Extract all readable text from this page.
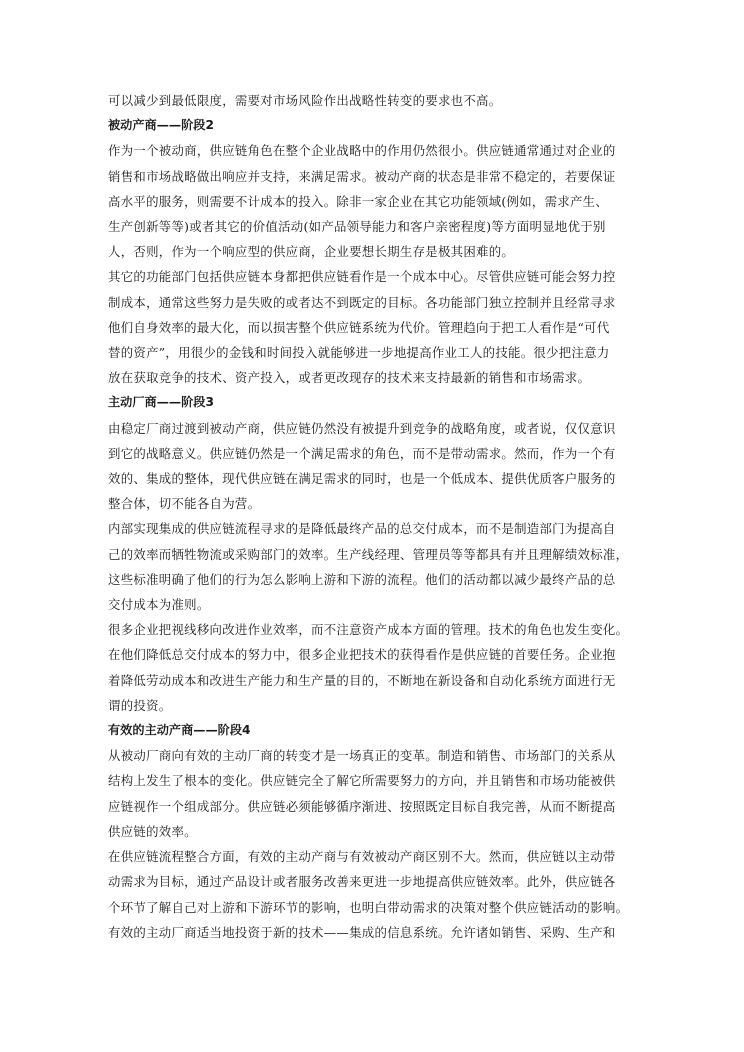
可以减少到最低限度，需要对市场风险作出战略性转变的要求也不高。
被动产商——阶段2
作为一个被动商，供应链角色在整个企业战略中的作用仍然很小。供应链通常通过对企业的
销售和市场战略做出响应并支持，来满足需求。被动产商的状态是非常不稳定的，若要保证
高水平的服务，则需要不计成本的投入。除非一家企业在其它功能领域(例如，需求产生、
生产创新等等)或者其它的价值活动(如产品领导能力和客户亲密程度)等方面明显地优于别
人，否则，作为一个响应型的供应商，企业要想长期生存是极其困难的。
其它的功能部门包括供应链本身都把供应链看作是一个成本中心。尽管供应链可能会努力控
制成本，通常这些努力是失败的或者达不到既定的目标。各功能部门独立控制并且经常寻求
他们自身效率的最大化，而以损害整个供应链系统为代价。管理趋向于把工人看作是“可代
替的资产”，用很少的金钱和时间投入就能够进一步地提高作业工人的技能。很少把注意力
放在获取竞争的技术、资产投入，或者更改现存的技术来支持最新的销售和市场需求。
主动厂商——阶段3
由稳定厂商过渡到被动产商，供应链仍然没有被提升到竞争的战略角度，或者说，仅仅意识
到它的战略意义。供应链仍然是一个满足需求的角色，而不是带动需求。然而，作为一个有
效的、集成的整体，现代供应链在满足需求的同时，也是一个低成本、提供优质客户服务的
整合体，切不能各自为营。
内部实现集成的供应链流程寻求的是降低最终产品的总交付成本，而不是制造部门为提高自
己的效率而牺牲物流或采购部门的效率。生产线经理、管理员等等都具有并且理解绩效标准，
这些标准明确了他们的行为怎么影响上游和下游的流程。他们的活动都以减少最终产品的总
交付成本为准则。
很多企业把视线移向改进作业效率，而不注意资产成本方面的管理。技术的角色也发生变化。
在他们降低总交付成本的努力中，很多企业把技术的获得看作是供应链的首要任务。企业抱
着降低劳动成本和改进生产能力和生产量的目的，不断地在新设备和自动化系统方面进行无
谓的投资。
有效的主动产商——阶段4
从被动厂商向有效的主动厂商的转变才是一场真正的变革。制造和销售、市场部门的关系从
结构上发生了根本的变化。供应链完全了解它所需要努力的方向，并且销售和市场功能被供
应链视作一个组成部分。供应链必须能够循序渐进、按照既定目标自我完善，从而不断提高
供应链的效率。
在供应链流程整合方面，有效的主动产商与有效被动产商区别不大。然而，供应链以主动带
动需求为目标，通过产品设计或者服务改善来更进一步地提高供应链效率。此外，供应链各
个环节了解自己对上游和下游环节的影响，也明白带动需求的决策对整个供应链活动的影响。
有效的主动厂商适当地投资于新的技术——集成的信息系统。允许诸如销售、采购、生产和
